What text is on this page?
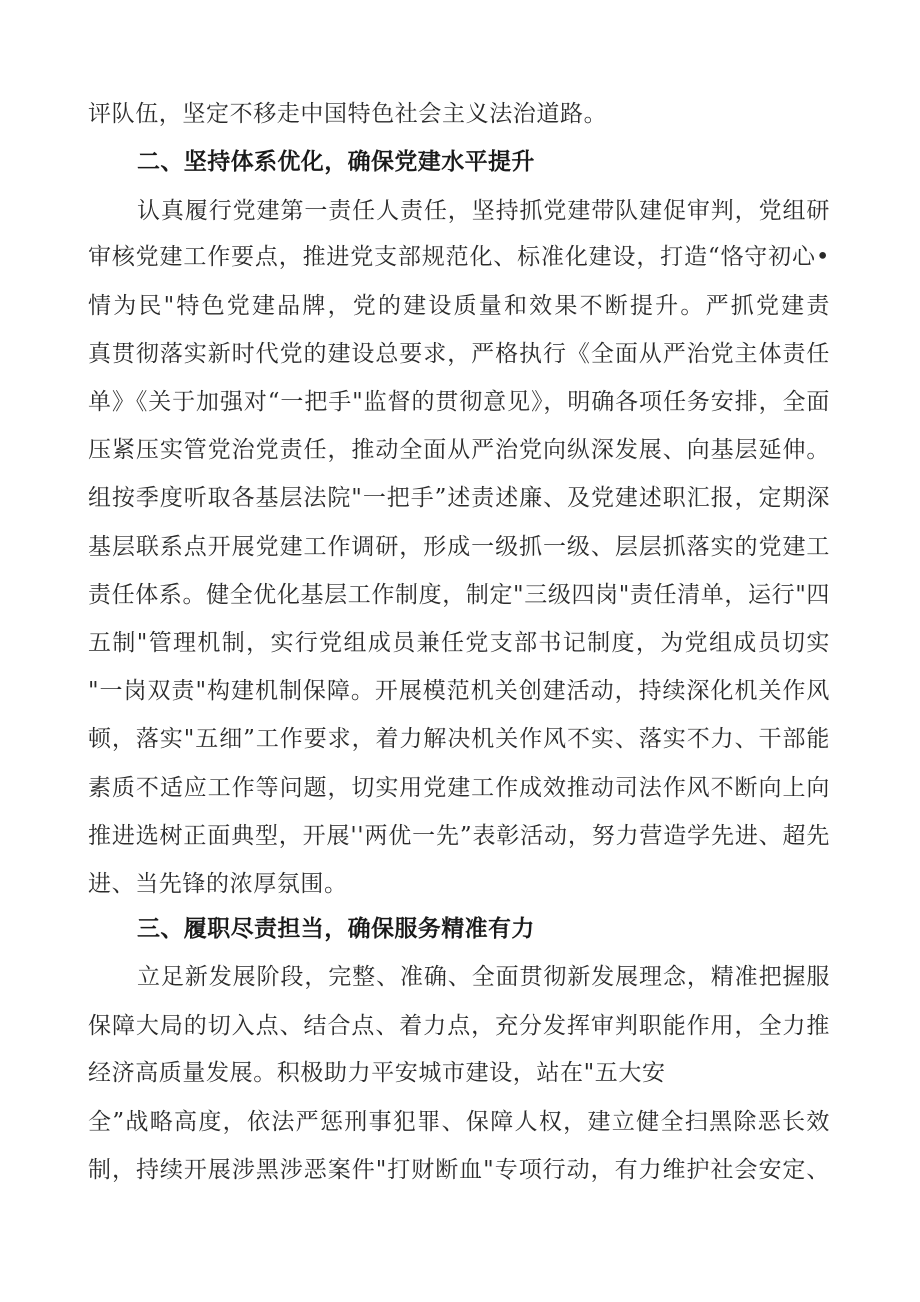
评队伍，坚定不移走中国特色社会主义法治道路。
二、坚持体系优化，确保党建水平提升
认真履行党建第一责任人责任，坚持抓党建带队建促审判，党组研
审核党建工作要点，推进党支部规范化、标准化建设，打造“恪守初心•
情为民"特色党建品牌，党的建设质量和效果不断提升。严抓党建责
真贯彻落实新时代党的建设总要求，严格执行《全面从严治党主体责任
单》《关于加强对“一把手"监督的贯彻意见》，明确各项任务安排，全面
压紧压实管党治党责任，推动全面从严治党向纵深发展、向基层延伸。
组按季度听取各基层法院"一把手”述责述廉、及党建述职汇报，定期深
基层联系点开展党建工作调研，形成一级抓一级、层层抓落实的党建工
责任体系。健全优化基层工作制度，制定"三级四岗"责任清单，运行"四
五制"管理机制，实行党组成员兼任党支部书记制度，为党组成员切实
"一岗双责"构建机制保障。开展模范机关创建活动，持续深化机关作风
顿，落实"五细”工作要求，着力解决机关作风不实、落实不力、干部能
素质不适应工作等问题，切实用党建工作成效推动司法作风不断向上向
推进选树正面典型，开展''两优一先”表彰活动，努力营造学先进、超先
进、当先锋的浓厚氛围。
三、履职尽责担当，确保服务精准有力
立足新发展阶段，完整、准确、全面贯彻新发展理念，精准把握服
保障大局的切入点、结合点、着力点，充分发挥审判职能作用，全力推
经济高质量发展。积极助力平安城市建设，站在"五大安
全”战略高度，依法严惩刑事犯罪、保障人权，建立健全扫黑除恶长效
制，持续开展涉黑涉恶案件"打财断血"专项行动，有力维护社会安定、
